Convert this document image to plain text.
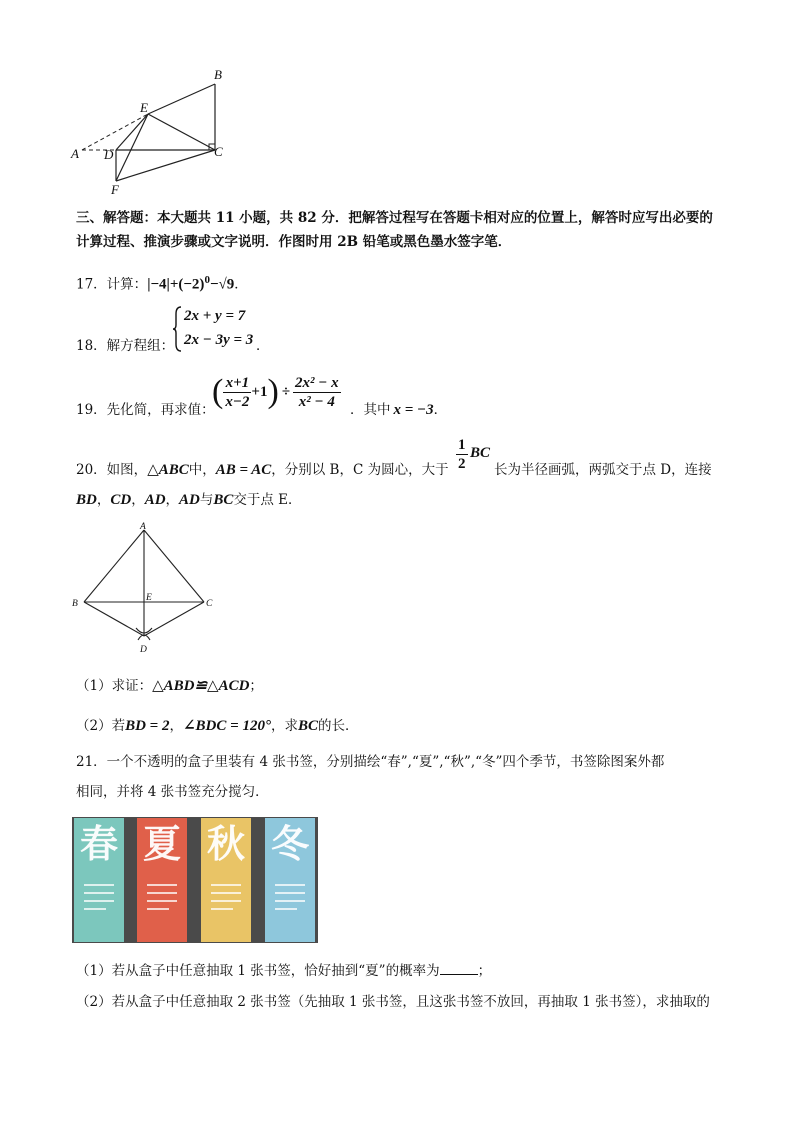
B
E
A D	C
F
三、解答题：本大题共 11 小题，共 82 分．把解答过程写在答题卡相对应的位置上，解答时应写出必要的
计算过程、推演步骤或文字说明．作图时用 2B 铅笔或黑色墨水签字笔．
17．计算：$|-4|+(-2)^0-√9$．
18．解方程组：
2x + y = 7
2x − 3y = 3 ．
19．先化简，再求值：
( $\frac{x+1}{x-2} +1$ ) ÷ $\frac{\text{2x² − x}}{\text{x² − 4}}$ ．其中 x = −3．
20．如图，△ABC中，AB = AC，分别以 B，C 为圆心，大于 $\frac{1}{2}$ BC
长为半径画弧，两弧交于点 D，连接
BD，CD，AD，AD与BC交于点 E．
A
B	C
E
D
（1）求证：△ABD≌△ACD；
（2）若BD = 2，∠BDC = 120°，求BC的长．
21．一个不透明的盒子里装有 4 张书签，分别描绘“春”,“夏”,“秋”,“冬”四个季节，书签除图案外都
相同，并将 4 张书签充分搅匀．
春 夏 秋 冬
（1）若从盒子中任意抽取 1 张书签，恰好抽到“夏”的概率为	；
（2）若从盒子中任意抽取 2 张书签（先抽取 1 张书签，且这张书签不放回，再抽取 1 张书签），求抽取的
